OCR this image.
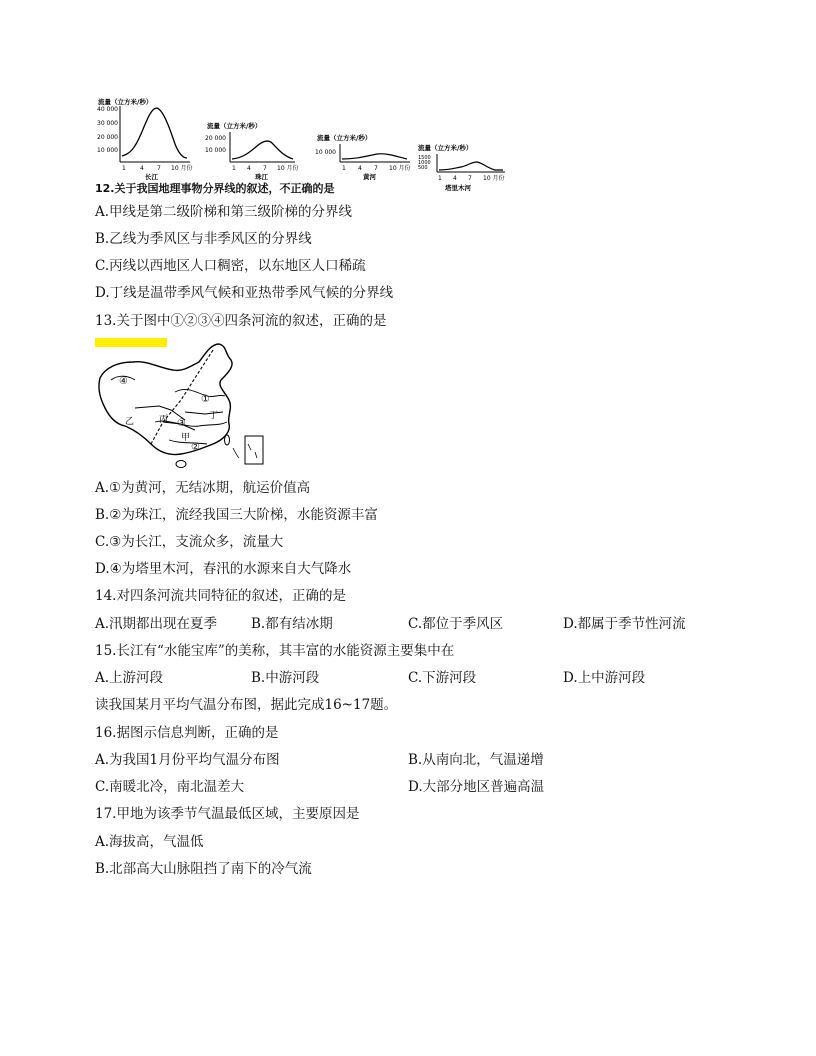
流量（立方米/秒）
40 000
30 000
20 000
10 000
1 4 7 10 月份
长江
流量（立方米/秒）
20 000
10 000
1 4 7 10 月份
珠江
流量（立方米/秒）
10 000
1 4 7 10 月份
黄河
流量（立方米/秒）
1500
1000
500
1 4 7 10 月份
塔里木河
12.关于我国地理事物分界线的叙述，不正确的是
A.甲线是第二级阶梯和第三级阶梯的分界线
B.乙线为季风区与非季风区的分界线
C.丙线以西地区人口稠密，以东地区人口稀疏
D.丁线是温带季风气候和亚热带季风气候的分界线
13.关于图中①②③④四条河流的叙述，正确的是
④
①
③
②
乙	丙
甲
丁
A.①为黄河，无结冰期，航运价值高
B.②为珠江，流经我国三大阶梯，水能资源丰富
C.③为长江，支流众多，流量大
D.④为塔里木河，春汛的水源来自大气降水
14.对四条河流共同特征的叙述，正确的是
A.汛期都出现在夏季	B.都有结冰期	C.都位于季风区	D.都属于季节性河流
15.长江有“水能宝库”的美称，其丰富的水能资源主要集中在
A.上游河段	B.中游河段	C.下游河段	D.上中游河段
读我国某月平均气温分布图，据此完成16~17题。
16.据图示信息判断，正确的是
A.为我国1月份平均气温分布图	B.从南向北，气温递增
C.南暖北冷，南北温差大	D.大部分地区普遍高温
17.甲地为该季节气温最低区域，主要原因是
A.海拔高，气温低
B.北部高大山脉阻挡了南下的冷气流
